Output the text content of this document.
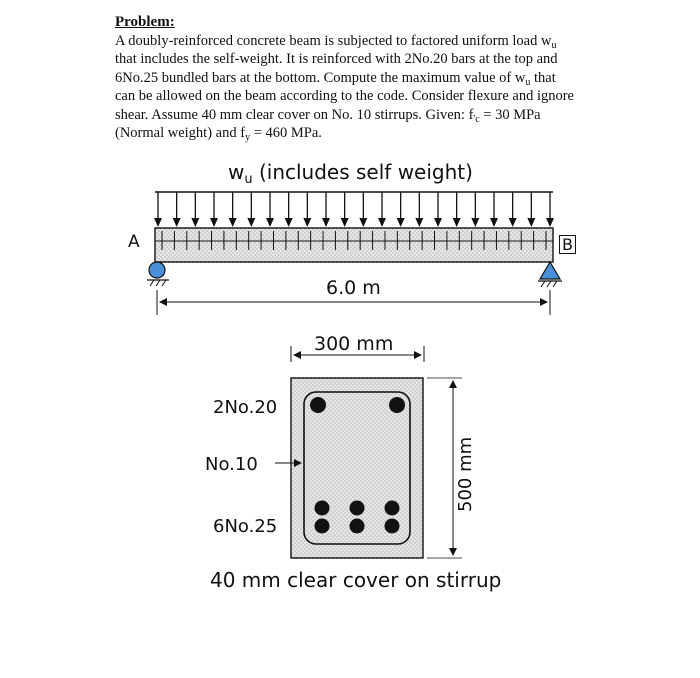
Problem:
A doubly-reinforced concrete beam is subjected to factored uniform load $w_u$
that includes the self-weight. It is reinforced with 2No.20 bars at the top and
6No.25 bundled bars at the bottom. Compute the maximum value of $w_u$ that
can be allowed on the beam according to the code. Consider flexure and ignore
shear. Assume 40 mm clear cover on No. 10 stirrups. Given: $f_{'c} = 30$ MPa
(Normal weight) and $f_y = 460$ MPa.
$w_u$ (includes self weight)
A	B
6.0 m
300 mm
2No.20
No.10
6No.25
500 mm
40 mm clear cover on stirrup
